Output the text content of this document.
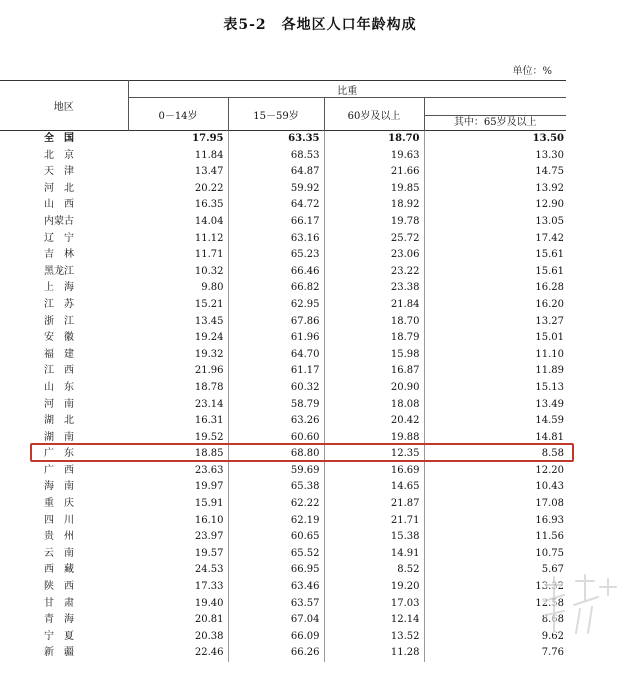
表5-2　各地区人口年龄构成
单位：%
地区	比重			
	0－14岁	15－59岁	60岁及以上	其中：65岁及以上

全　国	17.95	63.35	18.70	13.50
北　京	11.84	68.53	19.63	13.30
天　津	13.47	64.87	21.66	14.75
河　北	20.22	59.92	19.85	13.92
山　西	16.35	64.72	18.92	12.90
内蒙古	14.04	66.17	19.78	13.05
辽　宁	11.12	63.16	25.72	17.42
吉　林	11.71	65.23	23.06	15.61
黑龙江	10.32	66.46	23.22	15.61
上　海	9.80	66.82	23.38	16.28
江　苏	15.21	62.95	21.84	16.20
浙　江	13.45	67.86	18.70	13.27
安　徽	19.24	61.96	18.79	15.01
福　建	19.32	64.70	15.98	11.10
江　西	21.96	61.17	16.87	11.89
山　东	18.78	60.32	20.90	15.13
河　南	23.14	58.79	18.08	13.49
湖　北	16.31	63.26	20.42	14.59
湖　南	19.52	60.60	19.88	14.81
广　东	18.85	68.80	12.35	8.58
广　西	23.63	59.69	16.69	12.20
海　南	19.97	65.38	14.65	10.43
重　庆	15.91	62.22	21.87	17.08
四　川	16.10	62.19	21.71	16.93
贵　州	23.97	60.65	15.38	11.56
云　南	19.57	65.52	14.91	10.75
西　藏	24.53	66.95	8.52	5.67
陕　西	17.33	63.46	19.20	13.32
甘　肃	19.40	63.57	17.03	12.58
青　海	20.81	67.04	12.14	8.68
宁　夏	20.38	66.09	13.52	9.62
新　疆	22.46	66.26	11.28	7.76
